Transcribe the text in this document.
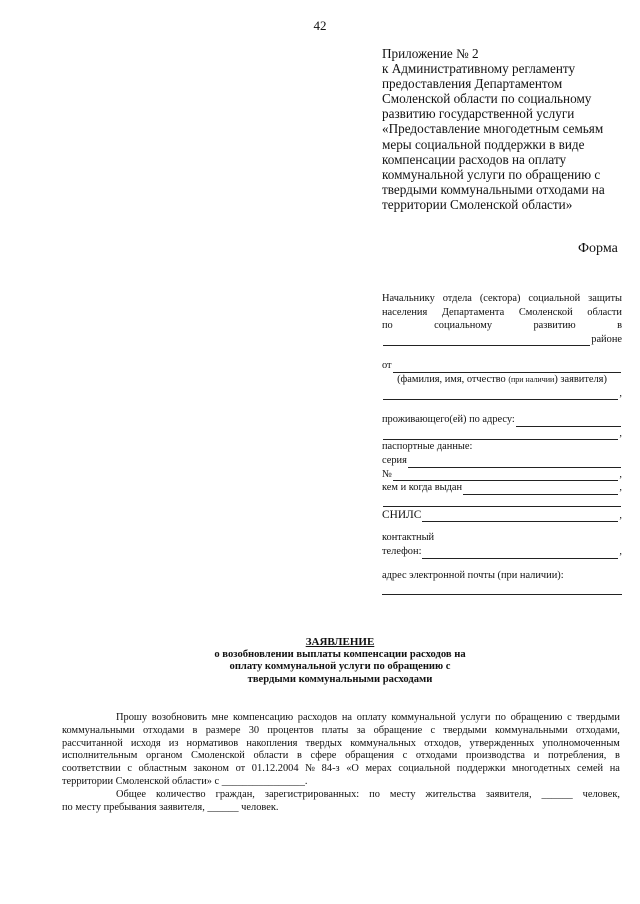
42
Приложение № 2
к Административному регламенту
предоставления Департаментом
Смоленской области по социальному
развитию государственной услуги
«Предоставление многодетным семьям
меры социальной поддержки в виде
компенсации расходов на оплату
коммунальной услуги по обращению с
твердыми коммунальными отходами на
территории Смоленской области»
Форма
Начальнику отдела (сектора) социальной защиты
населения Департамента Смоленской области
по	социальному	развитию	в
районе
от
(фамилия, имя, отчество (при наличии) заявителя)
,
проживающего(ей) по адресу:
,
паспортные данные:
серия
№	,
кем и когда выдан	,
СНИЛС	,
контактный
телефон:	,
адрес электронной почты (при наличии):
ЗАЯВЛЕНИЕ
о возобновлении выплаты компенсации расходов на
оплату коммунальной услуги по обращению с
твердыми коммунальными расходами
Прошу возобновить мне компенсацию расходов на оплату коммунальной услуги по обращению с твердыми
коммунальными отходами в размере 30 процентов платы за обращение с твердыми коммунальными отходами,
рассчитанной исходя из нормативов накопления твердых коммунальных отходов, утвержденных уполномоченным
исполнительным органом Смоленской области в сфере обращения с отходами производства и потребления, в
соответствии с областным законом от 01.12.2004 № 84-з «О мерах социальной поддержки многодетных семей на
территории Смоленской области» с ________________.
Общее количество граждан, зарегистрированных: по месту жительства заявителя, ______ человек,
по месту пребывания заявителя, ______ человек.
